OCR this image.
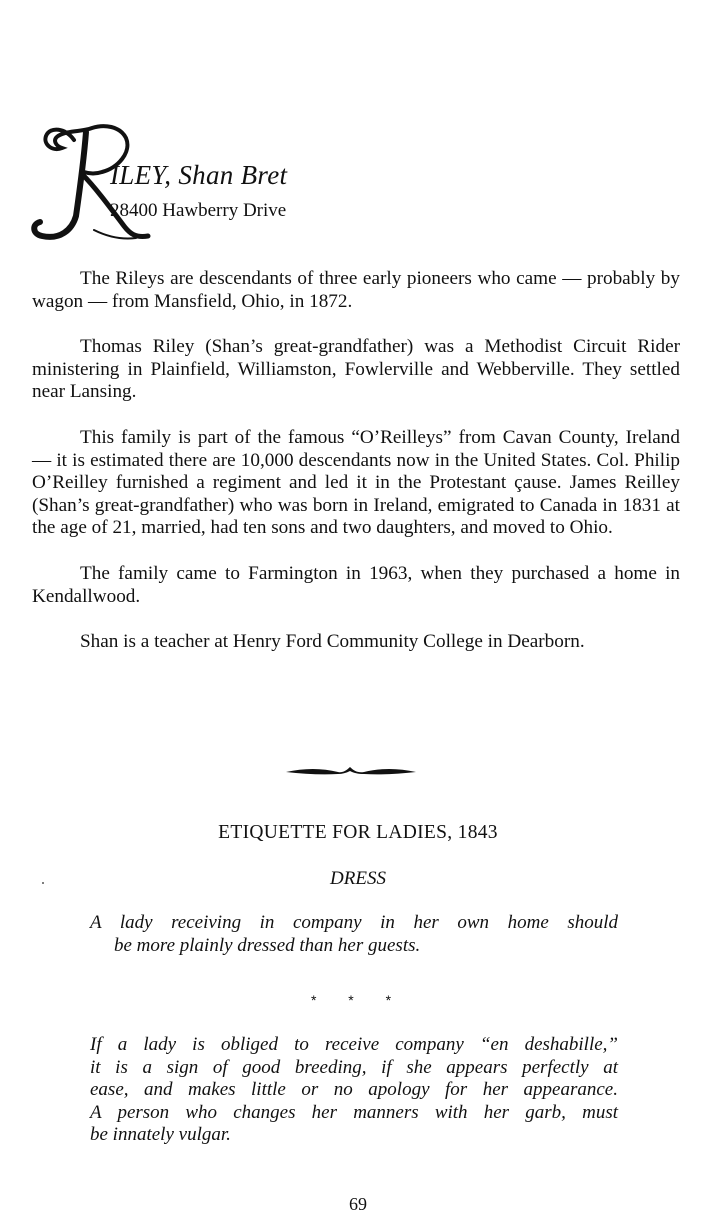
ILEY, Shan Bret
28400 Hawberry Drive

The Rileys are descendants of three early pioneers who came — probably by wagon — from Mansfield, Ohio, in 1872.

Thomas Riley (Shan’s great-grandfather) was a Methodist Circuit Rider ministering in Plainfield, Williamston, Fowlerville and Webberville. They settled near Lansing.

This family is part of the famous “O’Reilleys” from Cavan County, Ireland — it is estimated there are 10,000 descendants now in the United States. Col. Philip O’Reilley furnished a regiment and led it in the Protestant çause. James Reilley (Shan’s great-grandfather) who was born in Ireland, emigrated to Canada in 1831 at the age of 21, married, had ten sons and two daughters, and moved to Ohio.

The family came to Farmington in 1963, when they purchased a home in Kendallwood.

Shan is a teacher at Henry Ford Community College in Dearborn.

ETIQUETTE FOR LADIES, 1843
DRESS
A lady receiving in company in her own home should
be more plainly dressed than her guests.
* * *
If a lady is obliged to receive company “en deshabille,”
it is a sign of good breeding, if she appears perfectly at
ease, and makes little or no apology for her appearance.
A person who changes her manners with her garb, must
be innately vulgar.
69
